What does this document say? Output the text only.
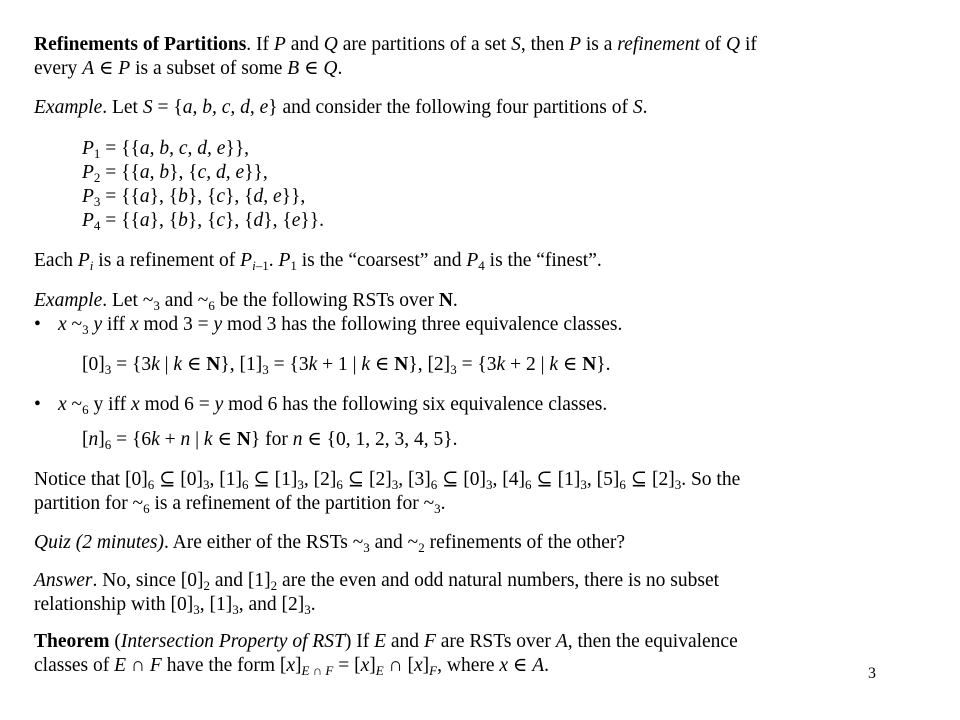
Refinements of Partitions. If P and Q are partitions of a set S, then P is a refinement of Q if
every A ∈ P is a subset of some B ∈ Q.
Example. Let S = {a, b, c, d, e} and consider the following four partitions of S.
$P_1 = \{\{a$, b, c, d, e}},
$P_2 = \{\{a$, b}, {c, d, e}},
$P_3 = \{\{a\}$, {b}, {c}, {d, e}},
$P_4 = \{\{a\}$, {b}, {c}, {d}, {e}}.
Each $P_i$ is a refinement of $P_{i-1}$. $P_1$ is the “coarsest” and $P_4$ is the “finest”.
Example. Let $\sim_3$ and $\sim_6$ be the following RSTs over N.
• x $\sim_3$ y iff x mod 3 = y mod 3 has the following three equivalence classes.
$[0]_3 = \{3k$ | k ∈ N}, $[1]_3 = \{3k + 1$ | k ∈ N}, $[2]_3 = \{3k + 2$ | k ∈ N}.
• x $\sim_6$ y iff x mod 6 = y mod 6 has the following six equivalence classes.
$[n]_6 = \{6k + n$ | k ∈ N} for n ∈ {0, 1, 2, 3, 4, 5}.
Notice that $[0]_6$ ⊆ $[0]_3$, $[1]_6$ ⊆ $[1]_3$, $[2]_6$ ⊆ $[2]_3$, $[3]_6$ ⊆ $[0]_3$, $[4]_6$ ⊆ $[1]_3$, $[5]_6$ ⊆ $[2]_3$. So the
partition for $\sim_6$ is a refinement of the partition for $\sim_3$.
Quiz (2 minutes). Are either of the RSTs $\sim_3$ and $\sim_2$ refinements of the other?
Answer. No, since $[0]_2$ and $[1]_2$ are the even and odd natural numbers, there is no subset
relationship with $[0]_3$, $[1]_3$, and $[2]_3$.
Theorem (Intersection Property of RST) If E and F are RSTs over A, then the equivalence
classes of E ∩ F have the form $[x]_{E \cap F} = [x]_E$ ∩ $[x]_F$, where x ∈ A.	3
